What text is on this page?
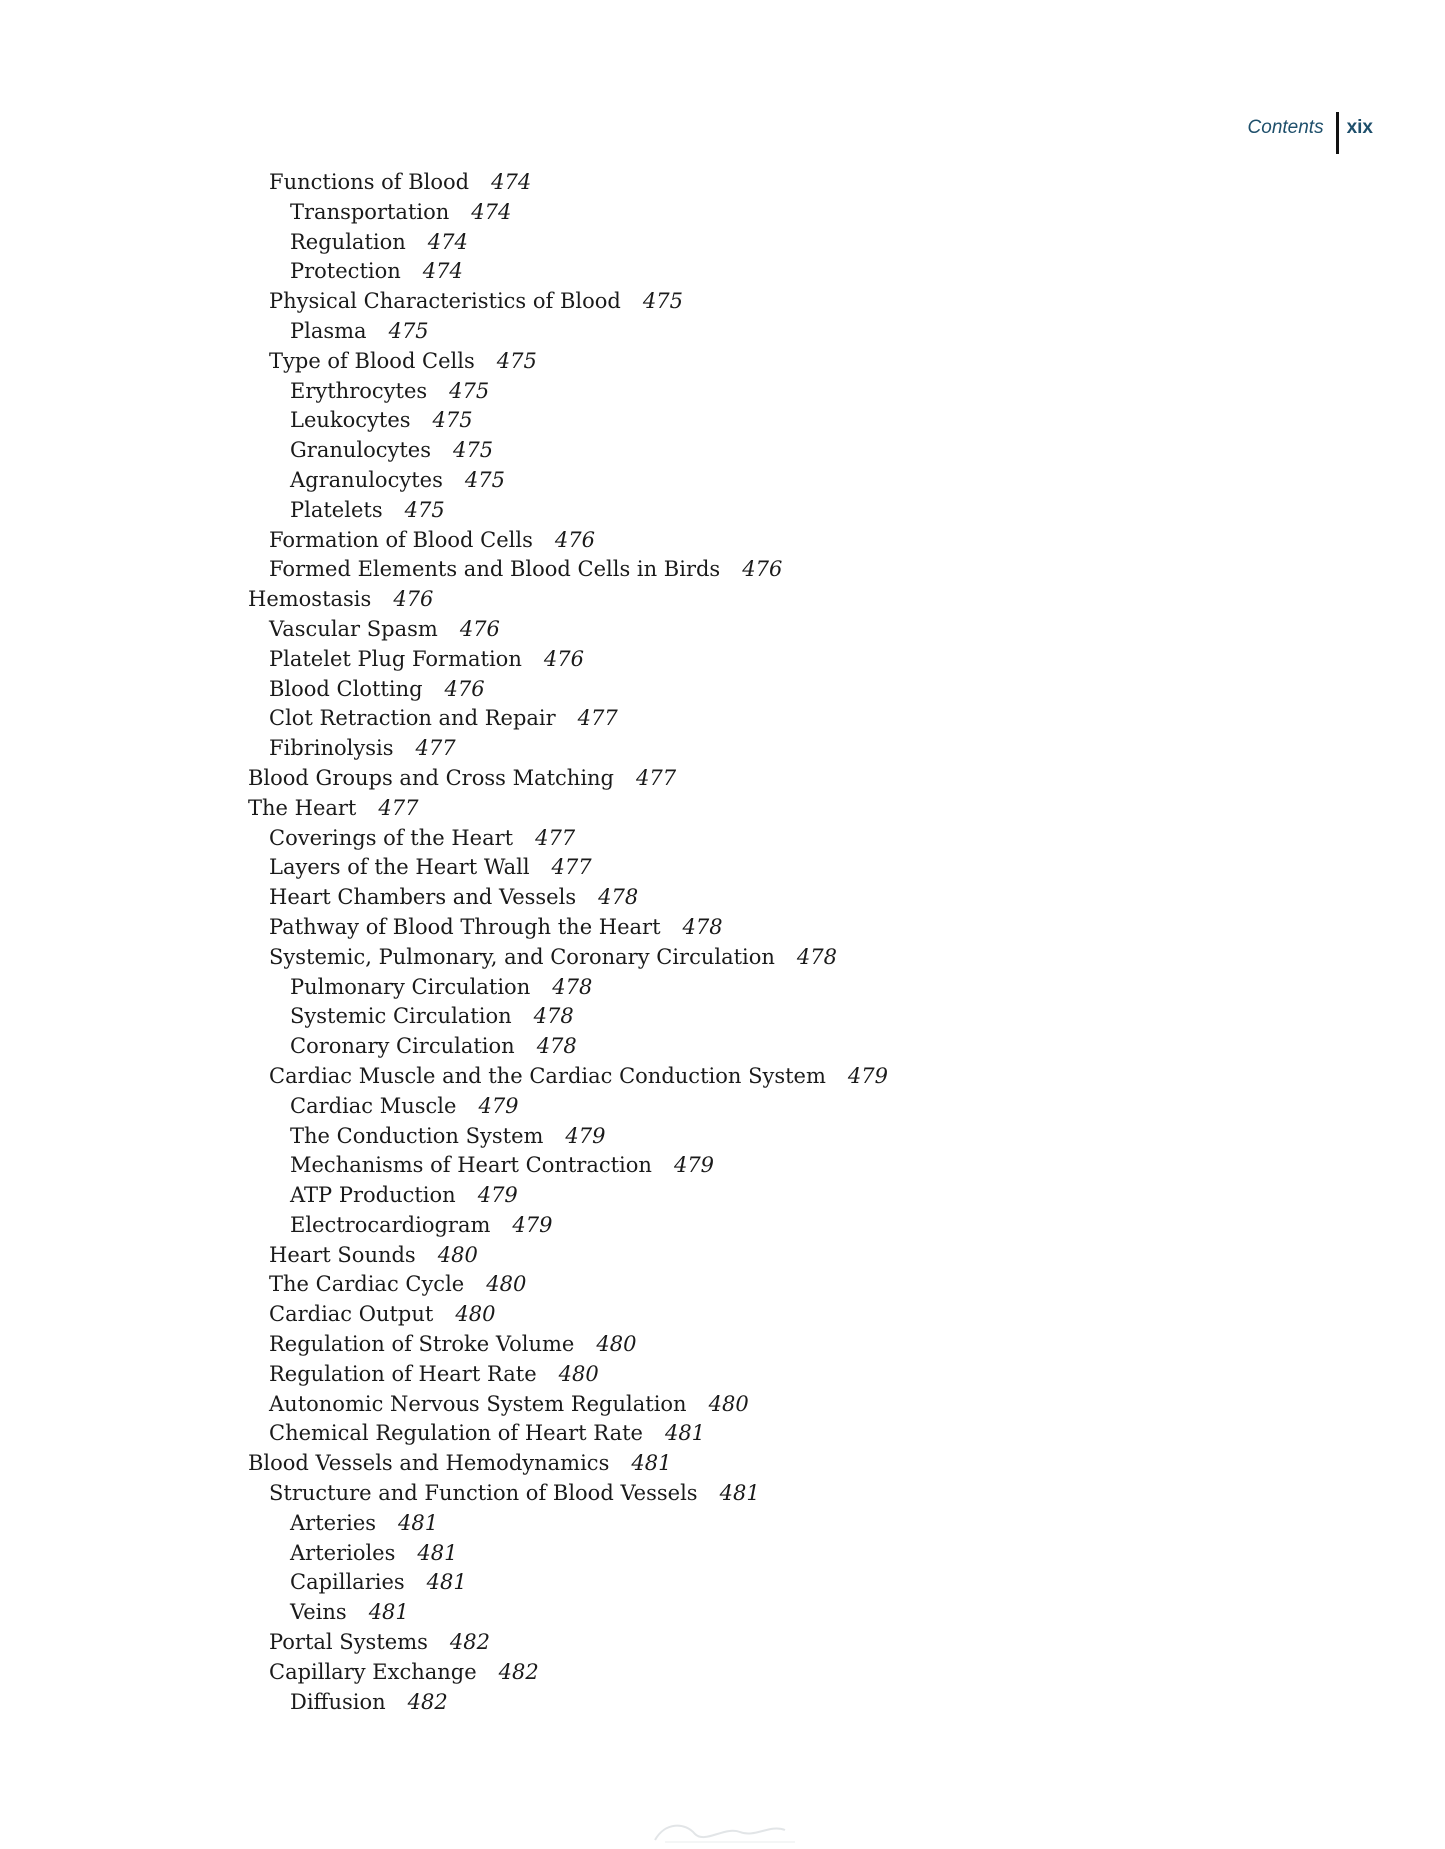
Contents	xix
Functions of Blood 474
Transportation 474
Regulation 474
Protection 474
Physical Characteristics of Blood 475
Plasma 475
Type of Blood Cells 475
Erythrocytes 475
Leukocytes 475
Granulocytes 475
Agranulocytes 475
Platelets 475
Formation of Blood Cells 476
Formed Elements and Blood Cells in Birds 476
Hemostasis 476
Vascular Spasm 476
Platelet Plug Formation 476
Blood Clotting 476
Clot Retraction and Repair 477
Fibrinolysis 477
Blood Groups and Cross Matching 477
The Heart 477
Coverings of the Heart 477
Layers of the Heart Wall 477
Heart Chambers and Vessels 478
Pathway of Blood Through the Heart 478
Systemic, Pulmonary, and Coronary Circulation 478
Pulmonary Circulation 478
Systemic Circulation 478
Coronary Circulation 478
Cardiac Muscle and the Cardiac Conduction System 479
Cardiac Muscle 479
The Conduction System 479
Mechanisms of Heart Contraction 479
ATP Production 479
Electrocardiogram 479
Heart Sounds 480
The Cardiac Cycle 480
Cardiac Output 480
Regulation of Stroke Volume 480
Regulation of Heart Rate 480
Autonomic Nervous System Regulation 480
Chemical Regulation of Heart Rate 481
Blood Vessels and Hemodynamics 481
Structure and Function of Blood Vessels 481
Arteries 481
Arterioles 481
Capillaries 481
Veins 481
Portal Systems 482
Capillary Exchange 482
Diffusion 482
